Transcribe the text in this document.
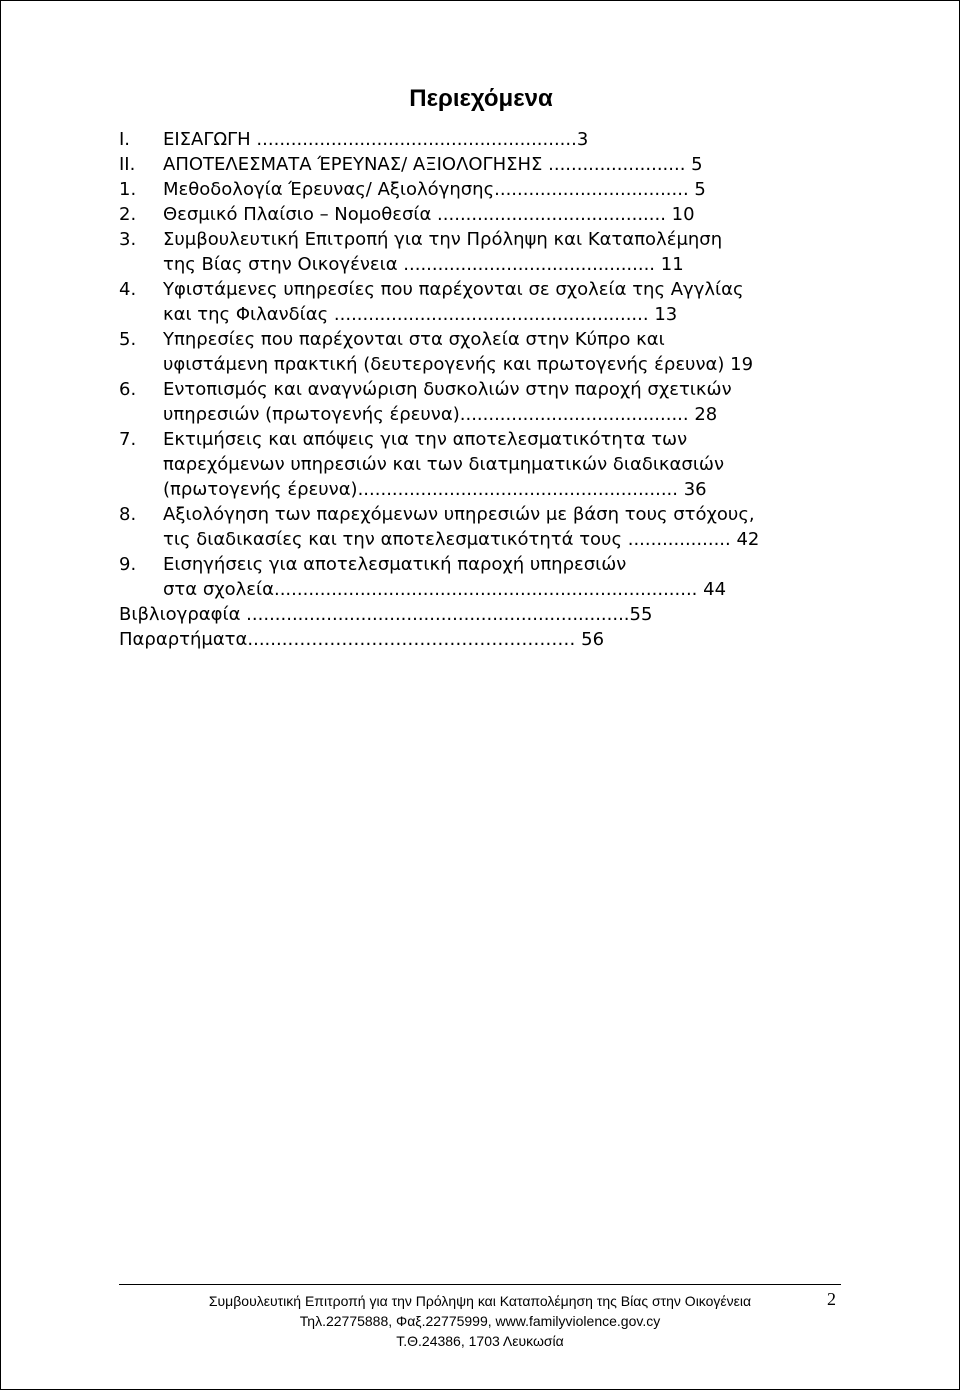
Περιεχόμενα
I. ΕΙΣΑΓΩΓΗ ........................................................3
II. ΑΠΟΤΕΛΕΣΜΑΤΑ ΈΡΕΥΝΑΣ/ ΑΞΙΟΛΟΓΗΣΗΣ ........................ 5
1. Μεθοδολογία Έρευνας/ Αξιολόγησης.................................. 5
2. Θεσμικό Πλαίσιο – Νομοθεσία ........................................ 10
3. Συμβουλευτική Επιτροπή για την Πρόληψη και Καταπολέμηση
της Βίας στην Οικογένεια ............................................ 11
4. Υφιστάμενες υπηρεσίες που παρέχονται σε σχολεία της Αγγλίας
και της Φιλανδίας ....................................................... 13
5. Υπηρεσίες που παρέχονται στα σχολεία στην Κύπρο και
υφιστάμενη πρακτική (δευτερογενής και πρωτογενής έρευνα) 19
6. Εντοπισμός και αναγνώριση δυσκολιών στην παροχή σχετικών
υπηρεσιών (πρωτογενής έρευνα)........................................ 28
7. Εκτιμήσεις και απόψεις για την αποτελεσματικότητα των
παρεχόμενων υπηρεσιών και των διατμηματικών διαδικασιών
(πρωτογενής έρευνα)........................................................ 36
8. Αξιολόγηση των παρεχόμενων υπηρεσιών με βάση τους στόχους,
τις διαδικασίες και την αποτελεσματικότητά τους .................. 42
9. Εισηγήσεις για αποτελεσματική παροχή υπηρεσιών
στα σχολεία.......................................................................... 44
Βιβλιογραφία ...................................................................55
Παραρτήματα.......………………………………………… 56
Συμβουλευτική Επιτροπή για την Πρόληψη και Καταπολέμηση της Βίας στην Οικογένεια
Τηλ.22775888, Φαξ.22775999, www.familyviolence.gov.cy
Τ.Θ.24386, 1703 Λευκωσία
2
